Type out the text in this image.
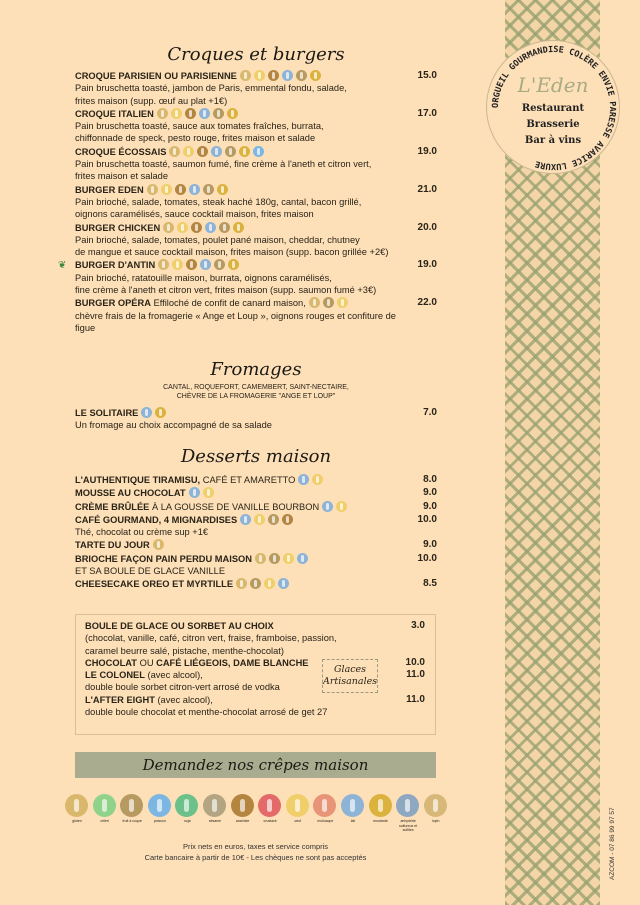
ORGUEIL GOURMANDISE COLÈRE ENVIE PARESSE AVARICE LUXURE
L'Eden
Restaurant
Brasserie
Bar à vins
Croques et burgers
CROQUE PARISIEN OU PARISIENNE	15.0
Pain bruschetta toasté, jambon de Paris, emmental fondu, salade,
frites maison (supp. œuf au plat +1€)
CROQUE ITALIEN	17.0
Pain bruschetta toasté, sauce aux tomates fraîches, burrata,
chiffonnade de speck, pesto rouge, frites maison et salade
CROQUE ÉCOSSAIS	19.0
Pain bruschetta toasté, saumon fumé, fine crème à l'aneth et citron vert,
frites maison et salade
BURGER EDEN	21.0
Pain brioché, salade, tomates, steak haché 180g, cantal, bacon grillé,
oignons caramélisés, sauce cocktail maison, frites maison
BURGER CHICKEN	20.0
Pain brioché, salade, tomates, poulet pané maison, cheddar, chutney
de mangue et sauce cocktail maison, frites maison (supp. bacon grillée +2€)
❦ BURGER D'ANTIN	19.0
Pain brioché, ratatouille maison, burrata, oignons caramélisés,
fine crème à l'aneth et citron vert, frites maison (supp. saumon fumé +3€)
BURGER OPÉRA Effiloché de confit de canard maison,	22.0
chèvre frais de la fromagerie « Ange et Loup », oignons rouges et confiture de figue
Fromages
CANTAL, ROQUEFORT, CAMEMBERT, SAINT-NECTAIRE,
CHÈVRE DE LA FROMAGERIE "ANGE ET LOUP"
LE SOLITAIRE	7.0
Un fromage au choix accompagné de sa salade
Desserts maison
L'AUTHENTIQUE TIRAMISU, CAFÉ ET AMARETTO	8.0
MOUSSE AU CHOCOLAT	9.0
CRÈME BRÛLÉE À LA GOUSSE DE VANILLE BOURBON	9.0
CAFÉ GOURMAND, 4 MIGNARDISES	10.0
Thé, chocolat ou crème sup +1€
TARTE DU JOUR	9.0
BRIOCHE FAÇON PAIN PERDU MAISON	10.0
ET SA BOULE DE GLACE VANILLE
CHEESECAKE OREO ET MYRTILLE	8.5
BOULE DE GLACE OU SORBET AU CHOIX	3.0
(chocolat, vanille, café, citron vert, fraise, framboise, passion,
caramel beurre salé, pistache, menthe-chocolat)
CHOCOLAT OU CAFÉ LIÉGEOIS, DAME BLANCHE	10.0
LE COLONEL (avec alcool),	11.0
double boule sorbet citron-vert arrosé de vodka
L'AFTER EIGHT (avec alcool),	11.0
double boule chocolat et menthe-chocolat arrosé de get 27
Glaces
Artisanales
Demandez nos crêpes maison
gluten	céleri	fruit à coque	poisson	soja	sésame	arachide	crustacé	oeuf	mollusque	lait	moutarde	anhydride sulfureux et sulfites
lupin
Prix nets en euros, taxes et service compris
Carte bancaire à partir de 10€ - Les chèques ne sont pas acceptés	AZCOM - 07 86 99 97 57
